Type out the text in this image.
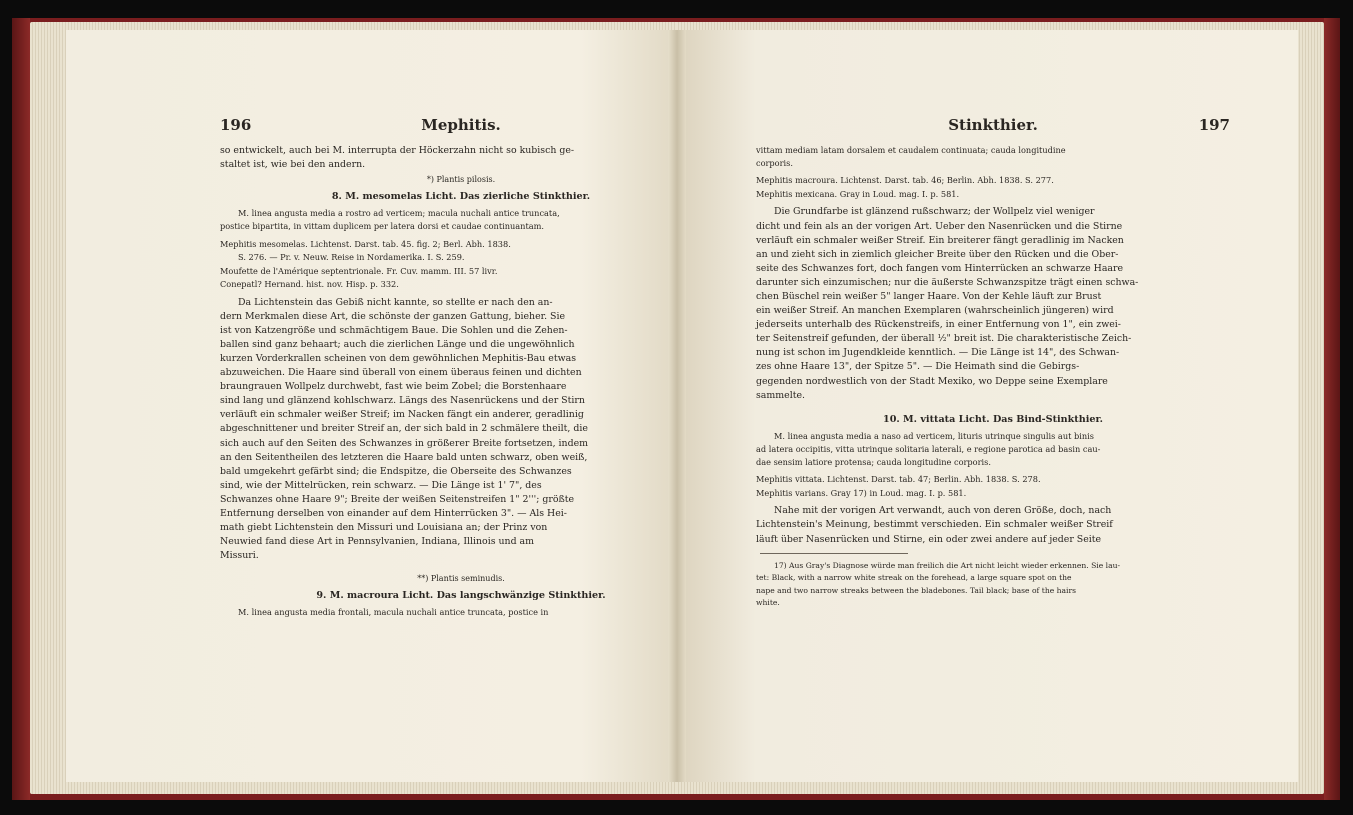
196	Mephitis.

so entwickelt, auch bei M. interrupta der Höckerzahn nicht so kubisch ge-

staltet ist, wie bei den andern.

*) Plantis pilosis.

8. M. mesomelas Licht. Das zierliche Stinkthier.

M. linea angusta media a rostro ad verticem; macula nuchali antice truncata,

postice bipartita, in vittam duplicem per latera dorsi et caudae continuantam.

Mephitis mesomelas. Lichtenst. Darst. tab. 45. fig. 2; Berl. Abh. 1838.

S. 276. — Pr. v. Neuw. Reise in Nordamerika. I. S. 259.

Moufette de l'Amérique septentrionale. Fr. Cuv. mamm. III. 57 livr.

Conepatl? Hernand. hist. nov. Hisp. p. 332.

Da Lichtenstein das Gebiß nicht kannte, so stellte er nach den an-

dern Merkmalen diese Art, die schönste der ganzen Gattung, bieher. Sie

ist von Katzengröße und schmächtigem Baue. Die Sohlen und die Zehen-

ballen sind ganz behaart; auch die zierlichen Länge und die ungewöhnlich

kurzen Vorderkrallen scheinen von dem gewöhnlichen Mephitis-Bau etwas

abzuweichen. Die Haare sind überall von einem überaus feinen und dichten

braungrauen Wollpelz durchwebt, fast wie beim Zobel; die Borstenhaare

sind lang und glänzend kohlschwarz. Längs des Nasenrückens und der Stirn

verläuft ein schmaler weißer Streif; im Nacken fängt ein anderer, geradlinig

abgeschnittener und breiter Streif an, der sich bald in 2 schmälere theilt, die

sich auch auf den Seiten des Schwanzes in größerer Breite fortsetzen, indem

an den Seitentheilen des letzteren die Haare bald unten schwarz, oben weiß,

bald umgekehrt gefärbt sind; die Endspitze, die Oberseite des Schwanzes

sind, wie der Mittelrücken, rein schwarz. — Die Länge ist 1' 7", des

Schwanzes ohne Haare 9"; Breite der weißen Seitenstreifen 1" 2'''; größte

Entfernung derselben von einander auf dem Hinterrücken 3". — Als Hei-

math giebt Lichtenstein den Missuri und Louisiana an; der Prinz von

Neuwied fand diese Art in Pennsylvanien, Indiana, Illinois und am

Missuri.

**) Plantis seminudis.

9. M. macroura Licht. Das langschwänzige Stinkthier.

M. linea angusta media frontali, macula nuchali antice truncata, postice in

Stinkthier.	197

vittam mediam latam dorsalem et caudalem continuata; cauda longitudine

corporis.

Mephitis macroura. Lichtenst. Darst. tab. 46; Berlin. Abh. 1838. S. 277.

Mephitis mexicana. Gray in Loud. mag. I. p. 581.

Die Grundfarbe ist glänzend rußschwarz; der Wollpelz viel weniger

dicht und fein als an der vorigen Art. Ueber den Nasenrücken und die Stirne

verläuft ein schmaler weißer Streif. Ein breiterer fängt geradlinig im Nacken

an und zieht sich in ziemlich gleicher Breite über den Rücken und die Ober-

seite des Schwanzes fort, doch fangen vom Hinterrücken an schwarze Haare

darunter sich einzumischen; nur die äußerste Schwanzspitze trägt einen schwa-

chen Büschel rein weißer 5" langer Haare. Von der Kehle läuft zur Brust

ein weißer Streif. An manchen Exemplaren (wahrscheinlich jüngeren) wird

jederseits unterhalb des Rückenstreifs, in einer Entfernung von 1", ein zwei-

ter Seitenstreif gefunden, der überall ½" breit ist. Die charakteristische Zeich-

nung ist schon im Jugendkleide kenntlich. — Die Länge ist 14", des Schwan-

zes ohne Haare 13", der Spitze 5". — Die Heimath sind die Gebirgs-

gegenden nordwestlich von der Stadt Mexiko, wo Deppe seine Exemplare

sammelte.

10. M. vittata Licht. Das Bind-Stinkthier.

M. linea angusta media a naso ad verticem, lituris utrinque singulis aut binis

ad latera occipitis, vitta utrinque solitaria laterali, e regione parotica ad basin cau-

dae sensim latiore protensa; cauda longitudine corporis.

Mephitis vittata. Lichtenst. Darst. tab. 47; Berlin. Abh. 1838. S. 278.

Mephitis varians. Gray 17) in Loud. mag. I. p. 581.

Nahe mit der vorigen Art verwandt, auch von deren Größe, doch, nach

Lichtenstein's Meinung, bestimmt verschieden. Ein schmaler weißer Streif

läuft über Nasenrücken und Stirne, ein oder zwei andere auf jeder Seite

17) Aus Gray's Diagnose würde man freilich die Art nicht leicht wieder erkennen. Sie lau-

tet: Black, with a narrow white streak on the forehead, a large square spot on the

nape and two narrow streaks between the bladebones. Tail black; base of the hairs

white.
